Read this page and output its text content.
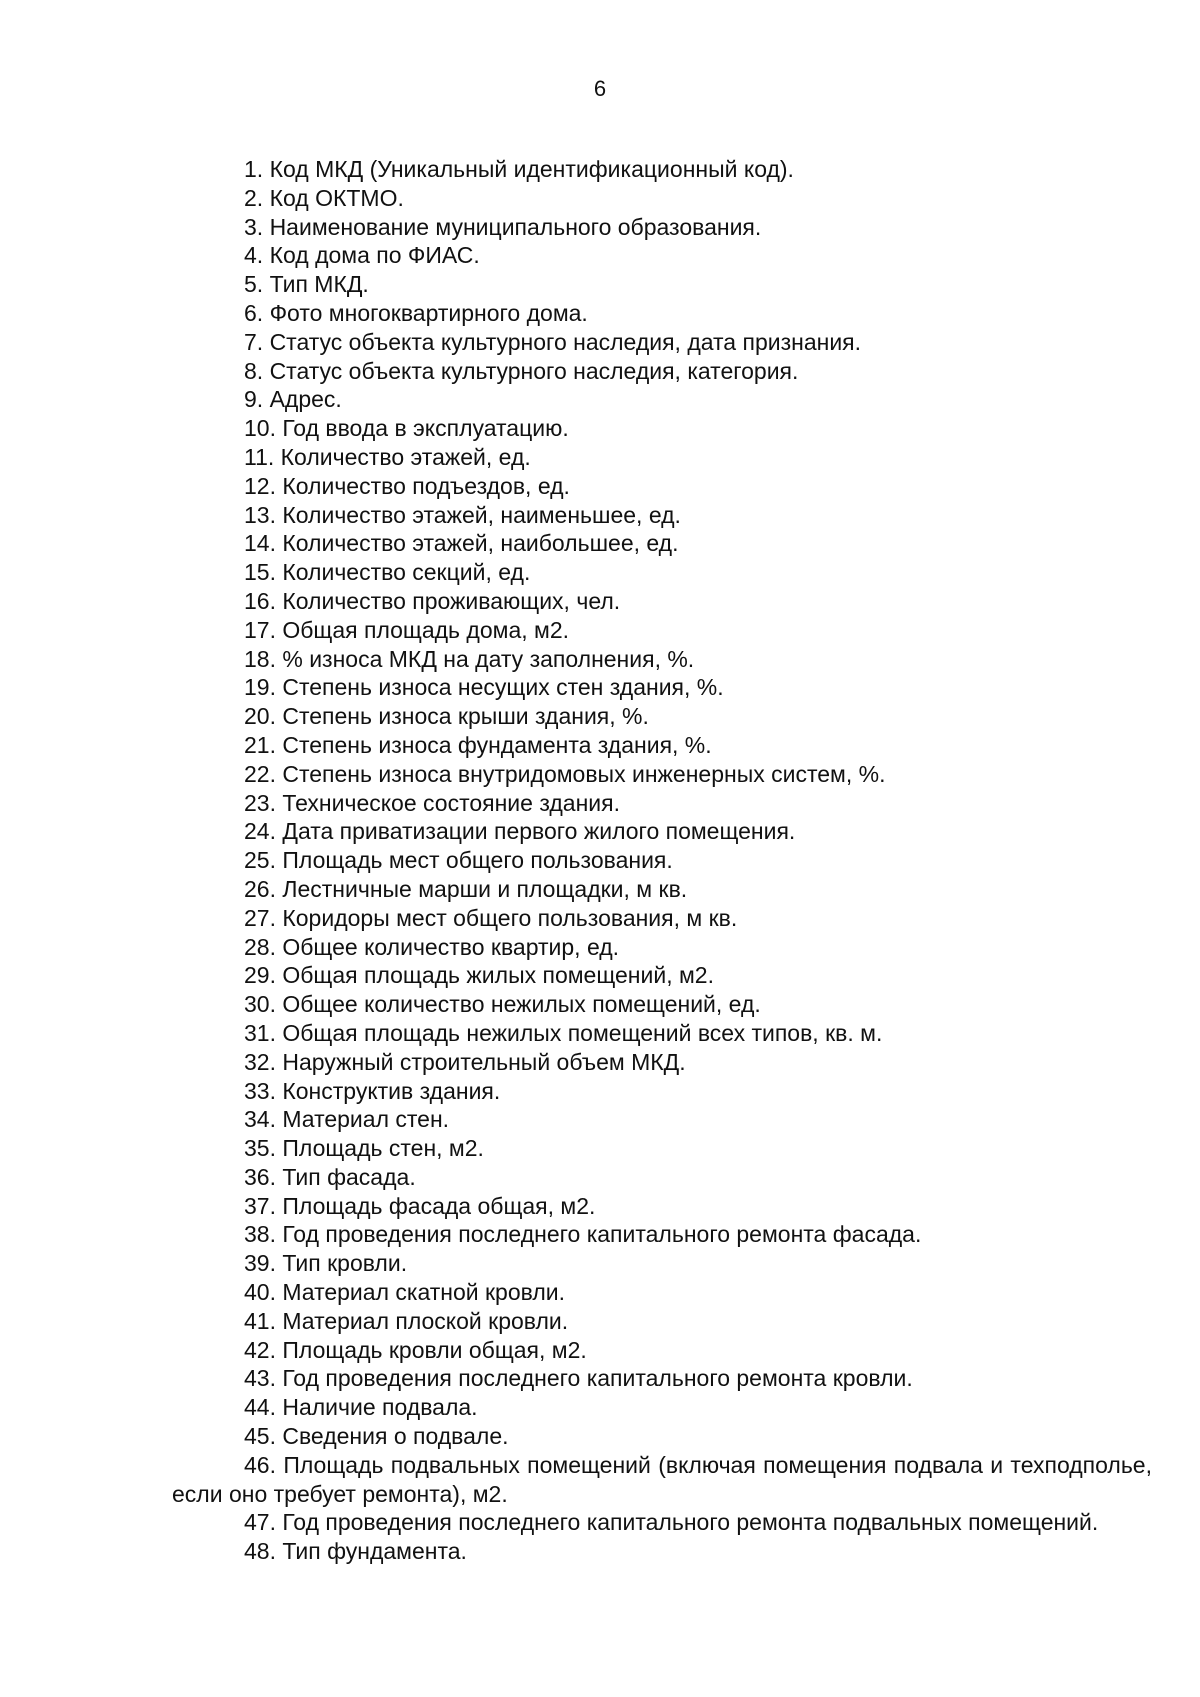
6

1. Код МКД (Уникальный идентификационный код).

2. Код ОКТМО.

3. Наименование муниципального образования.

4. Код дома по ФИАС.

5. Тип МКД.

6. Фото многоквартирного дома.

7. Статус объекта культурного наследия, дата признания.

8. Статус объекта культурного наследия, категория.

9. Адрес.

10. Год ввода в эксплуатацию.

11. Количество этажей, ед.

12. Количество подъездов, ед.

13. Количество этажей, наименьшее, ед.

14. Количество этажей, наибольшее, ед.

15. Количество секций, ед.

16. Количество проживающих, чел.

17. Общая площадь дома, м2.

18. % износа МКД на дату заполнения, %.

19. Степень износа несущих стен здания, %.

20. Степень износа крыши здания, %.

21. Степень износа фундамента здания, %.

22. Степень износа внутридомовых инженерных систем, %.

23. Техническое состояние здания.

24. Дата приватизации первого жилого помещения.

25. Площадь мест общего пользования.

26. Лестничные марши и площадки, м кв.

27. Коридоры мест общего пользования, м кв.

28. Общее количество квартир, ед.

29. Общая площадь жилых помещений, м2.

30. Общее количество нежилых помещений, ед.

31. Общая площадь нежилых помещений всех типов, кв. м.

32. Наружный строительный объем МКД.

33. Конструктив здания.

34. Материал стен.

35. Площадь стен, м2.

36. Тип фасада.

37. Площадь фасада общая, м2.

38. Год проведения последнего капитального ремонта фасада.

39. Тип кровли.

40. Материал скатной кровли.

41. Материал плоской кровли.

42. Площадь кровли общая, м2.

43. Год проведения последнего капитального ремонта кровли.

44. Наличие подвала.

45. Сведения о подвале.

46. Площадь подвальных помещений (включая помещения подвала и техподполье, если оно требует ремонта), м2.

47. Год проведения последнего капитального ремонта подвальных помещений.

48. Тип фундамента.
